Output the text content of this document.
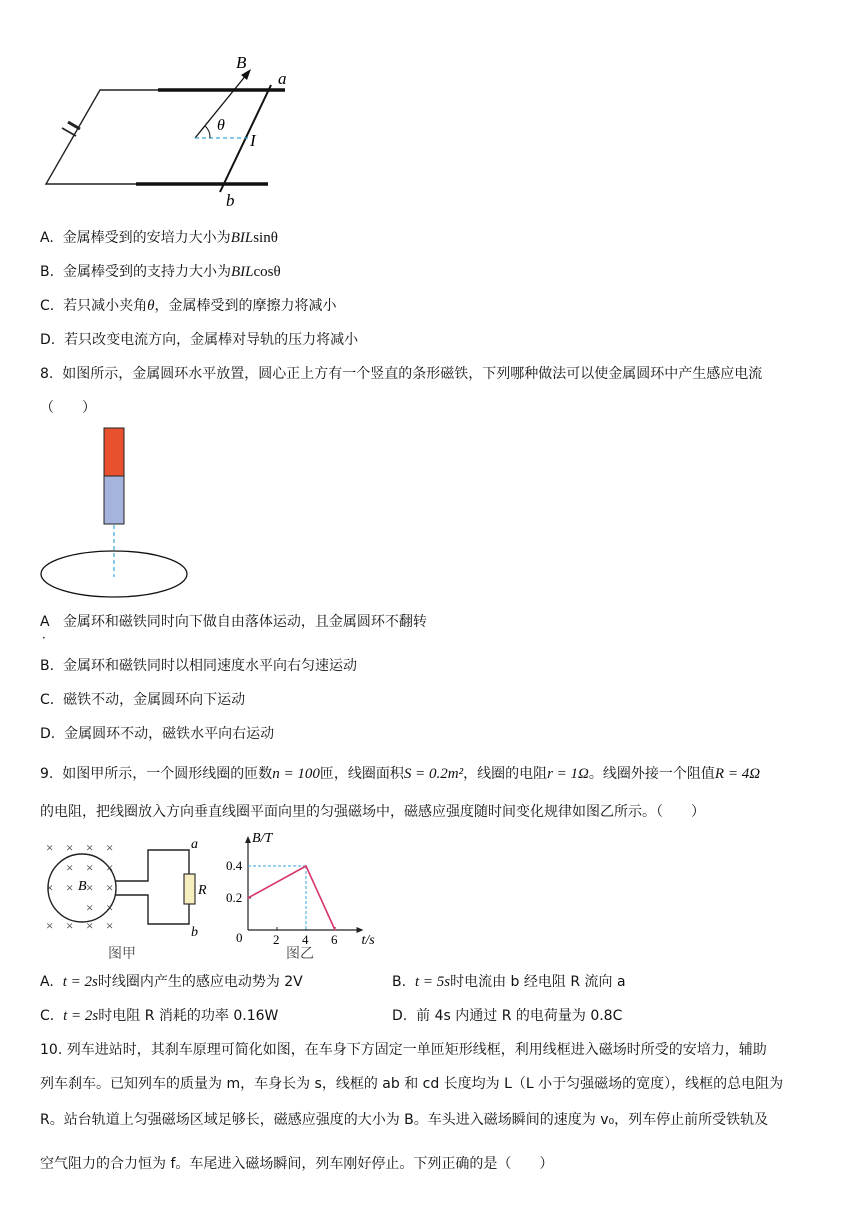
B
a
b
θ
I
A. 金属棒受到的安培力大小为BILsinθ
B. 金属棒受到的支持力大小为BILcosθ
C. 若只减小夹角θ，金属棒受到的摩擦力将减小
D. 若只改变电流方向，金属棒对导轨的压力将减小
8. 如图所示，金属圆环水平放置，圆心正上方有一个竖直的条形磁铁，下列哪种做法可以使金属圆环中产生感应电流
（　　）
A 金属环和磁铁同时向下做自由落体运动，且金属圆环不翻转
．
B. 金属环和磁铁同时以相同速度水平向右匀速运动
C. 磁铁不动，金属圆环向下运动
D. 金属圆环不动，磁铁水平向右运动
9. 如图甲所示，一个圆形线圈的匝数n = 100匝，线圈面积S = 0.2m²，线圈的电阻r = 1Ω。线圈外接一个阻值R = 4Ω
的电阻，把线圈放入方向垂直线圈平面向里的匀强磁场中，磁感应强度随时间变化规律如图乙所示。（　　）
× × × ×
× × ×
× × × ×
× ×
× × × ×
B	R
a
b
图甲
B/T
t/s
0 2 4 6
0.2
0.4
图乙
A. t = 2s时线圈内产生的感应电动势为 2V	B. t = 5s时电流由 b 经电阻 R 流向 a
C. t = 2s时电阻 R 消耗的功率 0.16W	D. 前 4s 内通过 R 的电荷量为 0.8C
10. 列车进站时，其刹车原理可简化如图，在车身下方固定一单匝矩形线框，利用线框进入磁场时所受的安培力，辅助
列车刹车。已知列车的质量为 m，车身长为 s，线框的 ab 和 cd 长度均为 L（L 小于匀强磁场的宽度），线框的总电阻为
R。站台轨道上匀强磁场区域足够长，磁感应强度的大小为 B。车头进入磁场瞬间的速度为 v₀，列车停止前所受铁轨及
空气阻力的合力恒为 f。车尾进入磁场瞬间，列车刚好停止。下列正确的是（　　）
